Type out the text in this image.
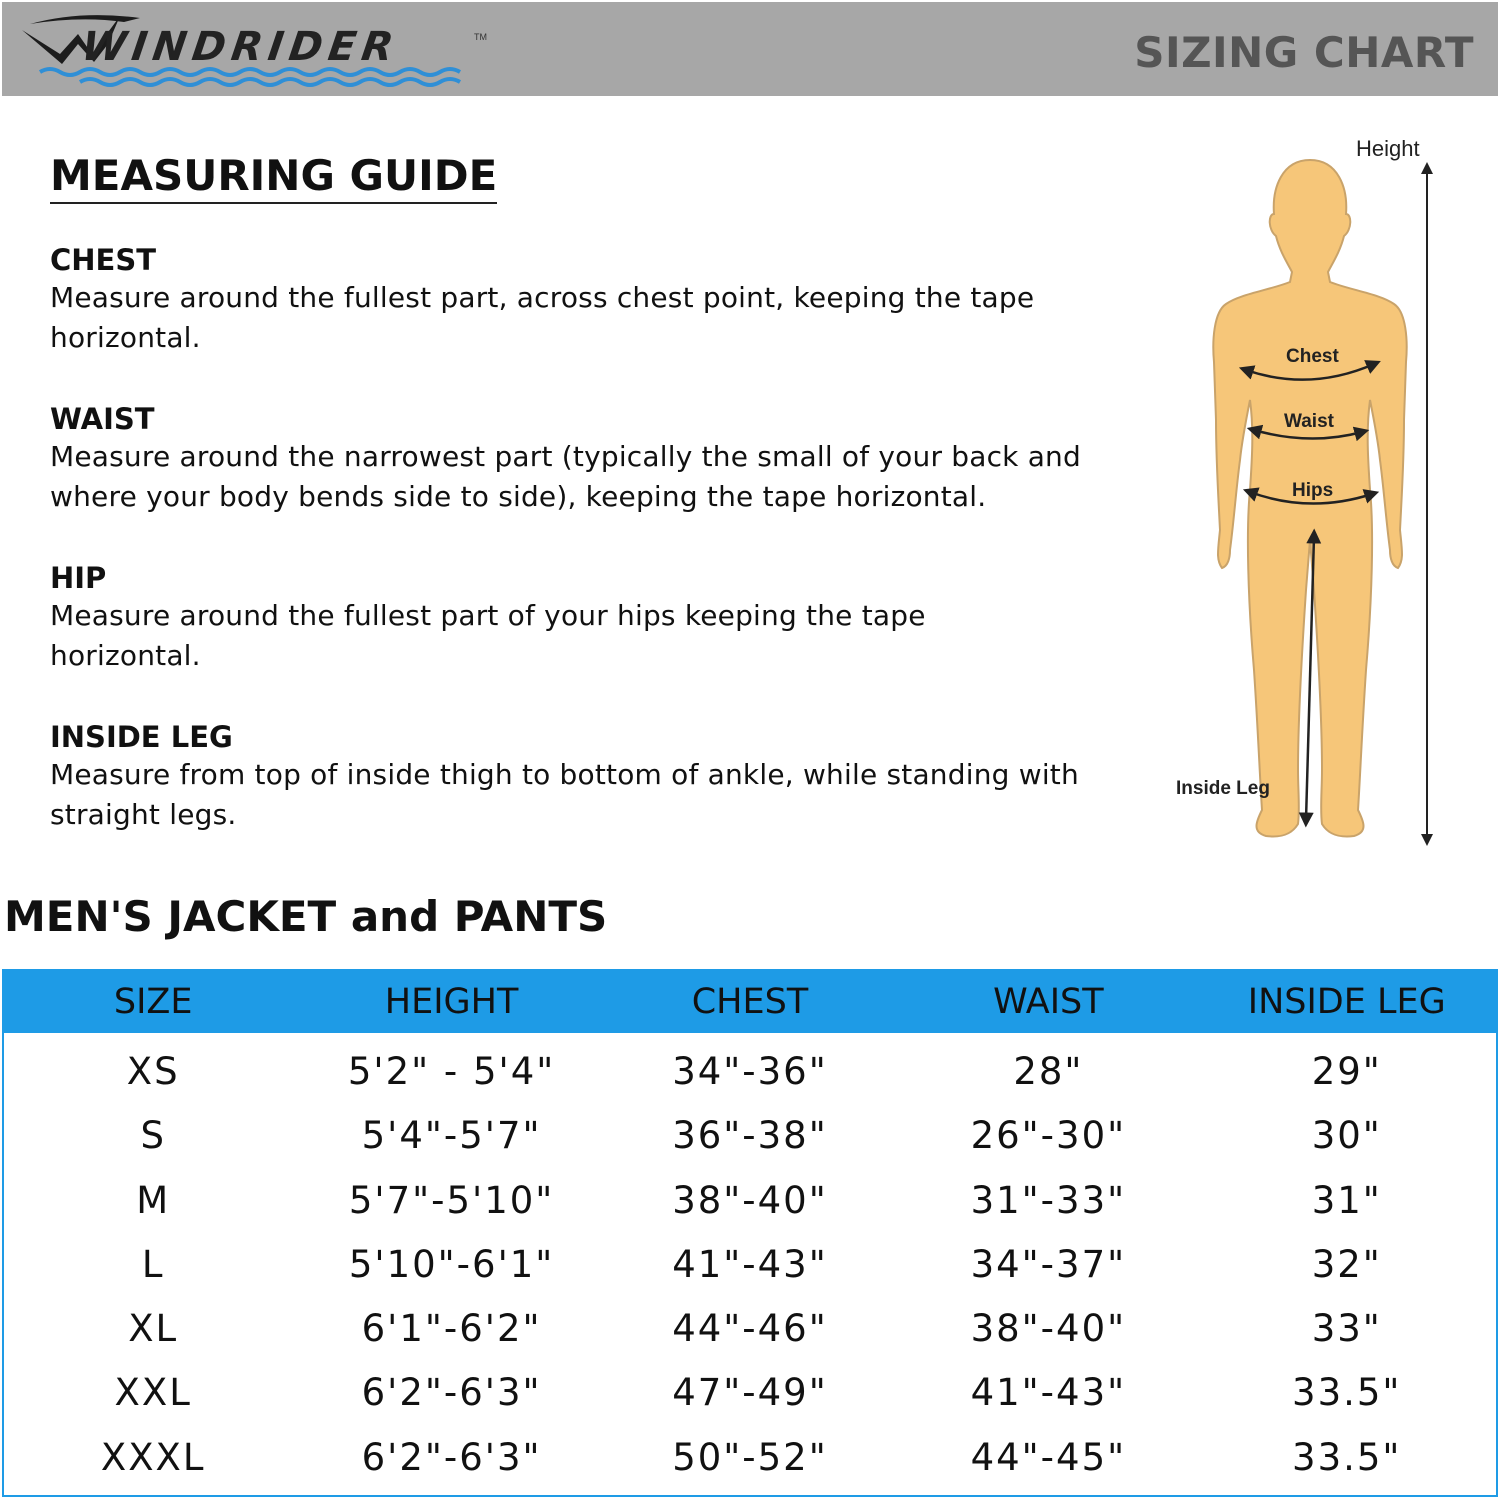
WINDRIDER	TM	SIZING CHART
MEASURING GUIDE
CHEST
Measure around the fullest part, across chest point, keeping the tape horizontal.
WAIST
Measure around the narrowest part (typically the small of your back and where your body bends side to side), keeping the tape horizontal.
HIP
Measure around the fullest part of your hips keeping the tape horizontal.
INSIDE LEG
Measure from top of inside thigh to bottom of ankle, while standing with straight legs.
Height
Chest
Waist
Hips
Inside Leg
MEN'S JACKET and PANTS
SIZE	HEIGHT	CHEST	WAIST	INSIDE LEG
XS	5'2" - 5'4"	34"-36"	28"	29"
S	5'4"-5'7"	36"-38"	26"-30"	30"
M	5'7"-5'10"	38"-40"	31"-33"	31"
L	5'10"-6'1"	41"-43"	34"-37"	32"
XL	6'1"-6'2"	44"-46"	38"-40"	33"
XXL	6'2"-6'3"	47"-49"	41"-43"	33.5"
XXXL	6'2"-6'3"	50"-52"	44"-45"	33.5"
